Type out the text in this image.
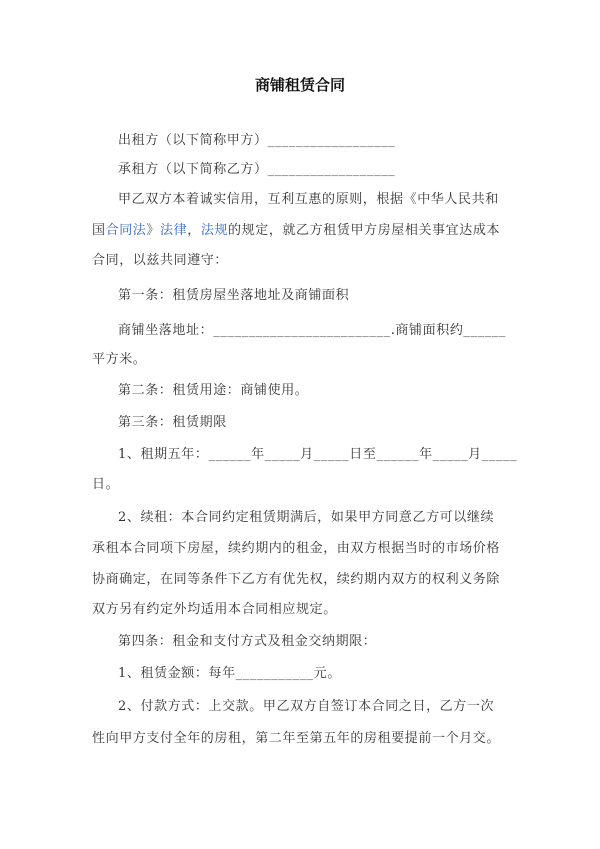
商铺租赁合同
出租方（以下简称甲方）__________________
承租方（以下简称乙方）__________________
甲乙双方本着诚实信用，互利互惠的原则，根据《中华人民共和
国合同法》法律，法规的规定，就乙方租赁甲方房屋相关事宜达成本
合同，以兹共同遵守：
第一条：租赁房屋坐落地址及商铺面积
商铺坐落地址：_________________________.商铺面积约______
平方米。
第二条：租赁用途：商铺使用。
第三条：租赁期限
1、租期五年：______年_____月_____日至______年_____月_____
日。
2、续租：本合同约定租赁期满后，如果甲方同意乙方可以继续
承租本合同项下房屋，续约期内的租金，由双方根据当时的市场价格
协商确定，在同等条件下乙方有优先权，续约期内双方的权利义务除
双方另有约定外均适用本合同相应规定。
第四条：租金和支付方式及租金交纳期限：
1、租赁金额：每年___________元。
2、付款方式：上交款。甲乙双方自签订本合同之日，乙方一次
性向甲方支付全年的房租，第二年至第五年的房租要提前一个月交。
